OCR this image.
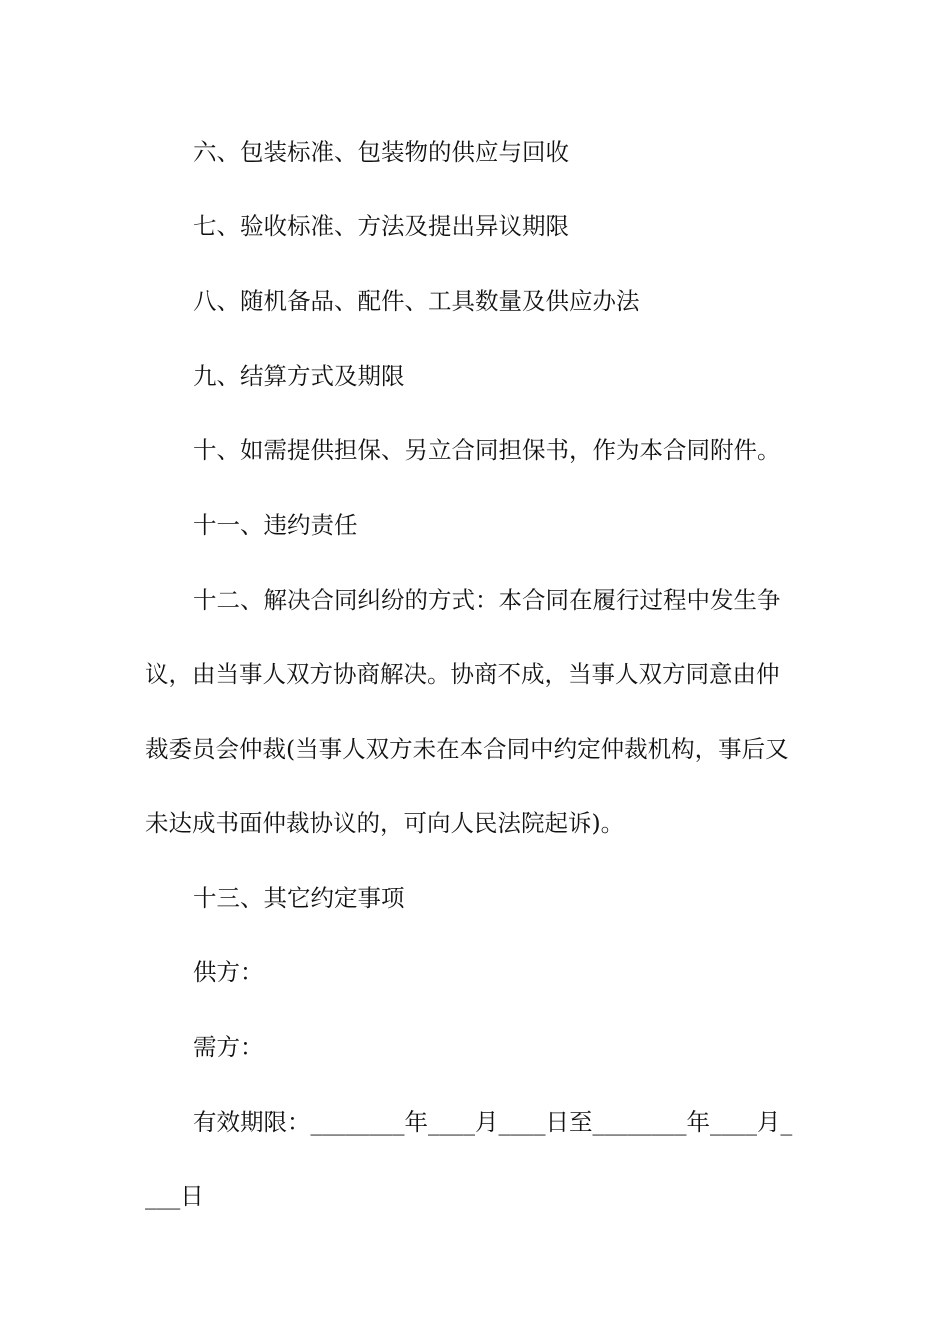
六、包装标准、包装物的供应与回收
七、验收标准、方法及提出异议期限
八、随机备品、配件、工具数量及供应办法
九、结算方式及期限
十、如需提供担保、另立合同担保书，作为本合同附件。
十一、违约责任
十二、解决合同纠纷的方式：本合同在履行过程中发生争
议，由当事人双方协商解决。协商不成，当事人双方同意由仲
裁委员会仲裁(当事人双方未在本合同中约定仲裁机构，事后又
未达成书面仲裁协议的，可向人民法院起诉)。
十三、其它约定事项
供方：
需方：
有效期限：________年____月____日至________年____月_
___日
